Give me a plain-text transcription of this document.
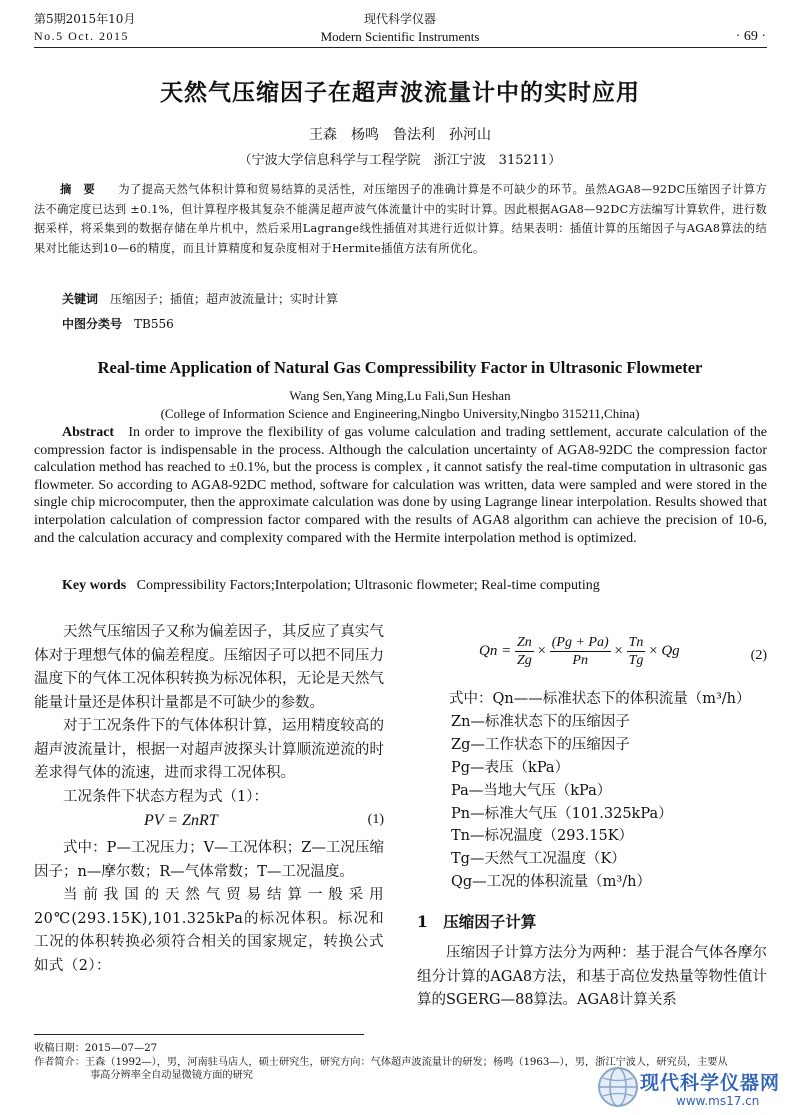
第5期2015年10月
No.5 Oct. 2015
现代科学仪器
Modern Scientific Instruments	· 69 ·
天然气压缩因子在超声波流量计中的实时应用
王森　杨鸣　鲁法利　孙河山
（宁波大学信息科学与工程学院　浙江宁波　315211）
摘　要　　 为了提高天然气体积计算和贸易结算的灵活性，对压缩因子的准确计算是不可缺少的环节。虽然AGA8—92DC压缩因子计算方法不确定度已达到 ±0.1%，但计算程序极其复杂不能满足超声波气体流量计中的实时计算。因此根据AGA8—92DC方法编写计算软件，进行数据采样，将采集到的数据存储在单片机中，然后采用Lagrange线性插值对其进行近似计算。结果表明：插值计算的压缩因子与AGA8算法的结果对比能达到10—6的精度，而且计算精度和复杂度相对于Hermite插值方法有所优化。
关键词　 压缩因子；插值；超声波流量计；实时计算
中图分类号　 TB556
Real-time Application of Natural Gas Compressibility Factor in Ultrasonic Flowmeter
Wang Sen,Yang Ming,Lu Fali,Sun Heshan
(College of Information Science and Engineering,Ningbo University,Ningbo 315211,China)
Abstract In order to improve the flexibility of gas volume calculation and trading settlement, accurate calculation of the compression factor is indispensable in the process. Although the calculation uncertainty of AGA8-92DC the compression factor calculation method has reached to ±0.1%, but the process is complex , it cannot satisfy the real-time computation in ultrasonic gas flowmeter. So according to AGA8-92DC method, software for calculation was written, data were sampled and were stored in the single chip microcomputer, then the approximate calculation was done by using Lagrange linear interpolation. Results showed that interpolation calculation of compression factor compared with the results of AGA8 algorithm can achieve the precision of 10-6, and the calculation accuracy and complexity compared with the Hermite interpolation method is optimized.
Key words Compressibility Factors;Interpolation; Ultrasonic flowmeter; Real-time computing
天然气压缩因子又称为偏差因子，其反应了真实气体对于理想气体的偏差程度。压缩因子可以把不同压力温度下的气体工况体积转换为标况体积，无论是天然气能量计量还是体积计量都是不可缺少的参数。
对于工况条件下的气体体积计算，运用精度较高的超声波流量计，根据一对超声波探头计算顺流逆流的时差求得气体的流速，进而求得工况体积。
工况条件下状态方程为式（1）：
PV = ZnRT	(1)
式中：P—工况压力；V—工况体积；Z—工况压缩因子；n—摩尔数；R—气体常数；T—工况温度。
当前我国的天然气贸易结算一般采用20℃(293.15K),101.325kPa的标况体积。标况和工况的体积转换必须符合相关的国家规定，转换公式如式（2）：
$Qn = \frac{Zn}{Zg} \times \frac{(Pg + Pa)}{Pn} \times \frac{Tn}{Tg} \times Qg$	(2)
式中：Qn——标准状态下的体积流量（m³/h）
Zn—标准状态下的压缩因子
Zg—工作状态下的压缩因子
Pg—表压（kPa）
Pa—当地大气压（kPa）
Pn—标准大气压（101.325kPa）
Tn—标况温度（293.15K）
Tg—天然气工况温度（K）
Qg—工况的体积流量（m³/h）
1　压缩因子计算
压缩因子计算方法分为两种：基于混合气体各摩尔组分计算的AGA8方法，和基于高位发热量等物性值计算的SGERG—88算法。AGA8计算关系
收稿日期：2015—07—27
作者简介：王森（1992—），男，河南驻马店人，硕士研究生，研究方向：气体超声波流量计的研发；杨鸣（1963—），男，浙江宁波人，研究员，主要从
事高分辨率全自动显微镜方面的研究	现代科学仪器网
www.ms17.cn
